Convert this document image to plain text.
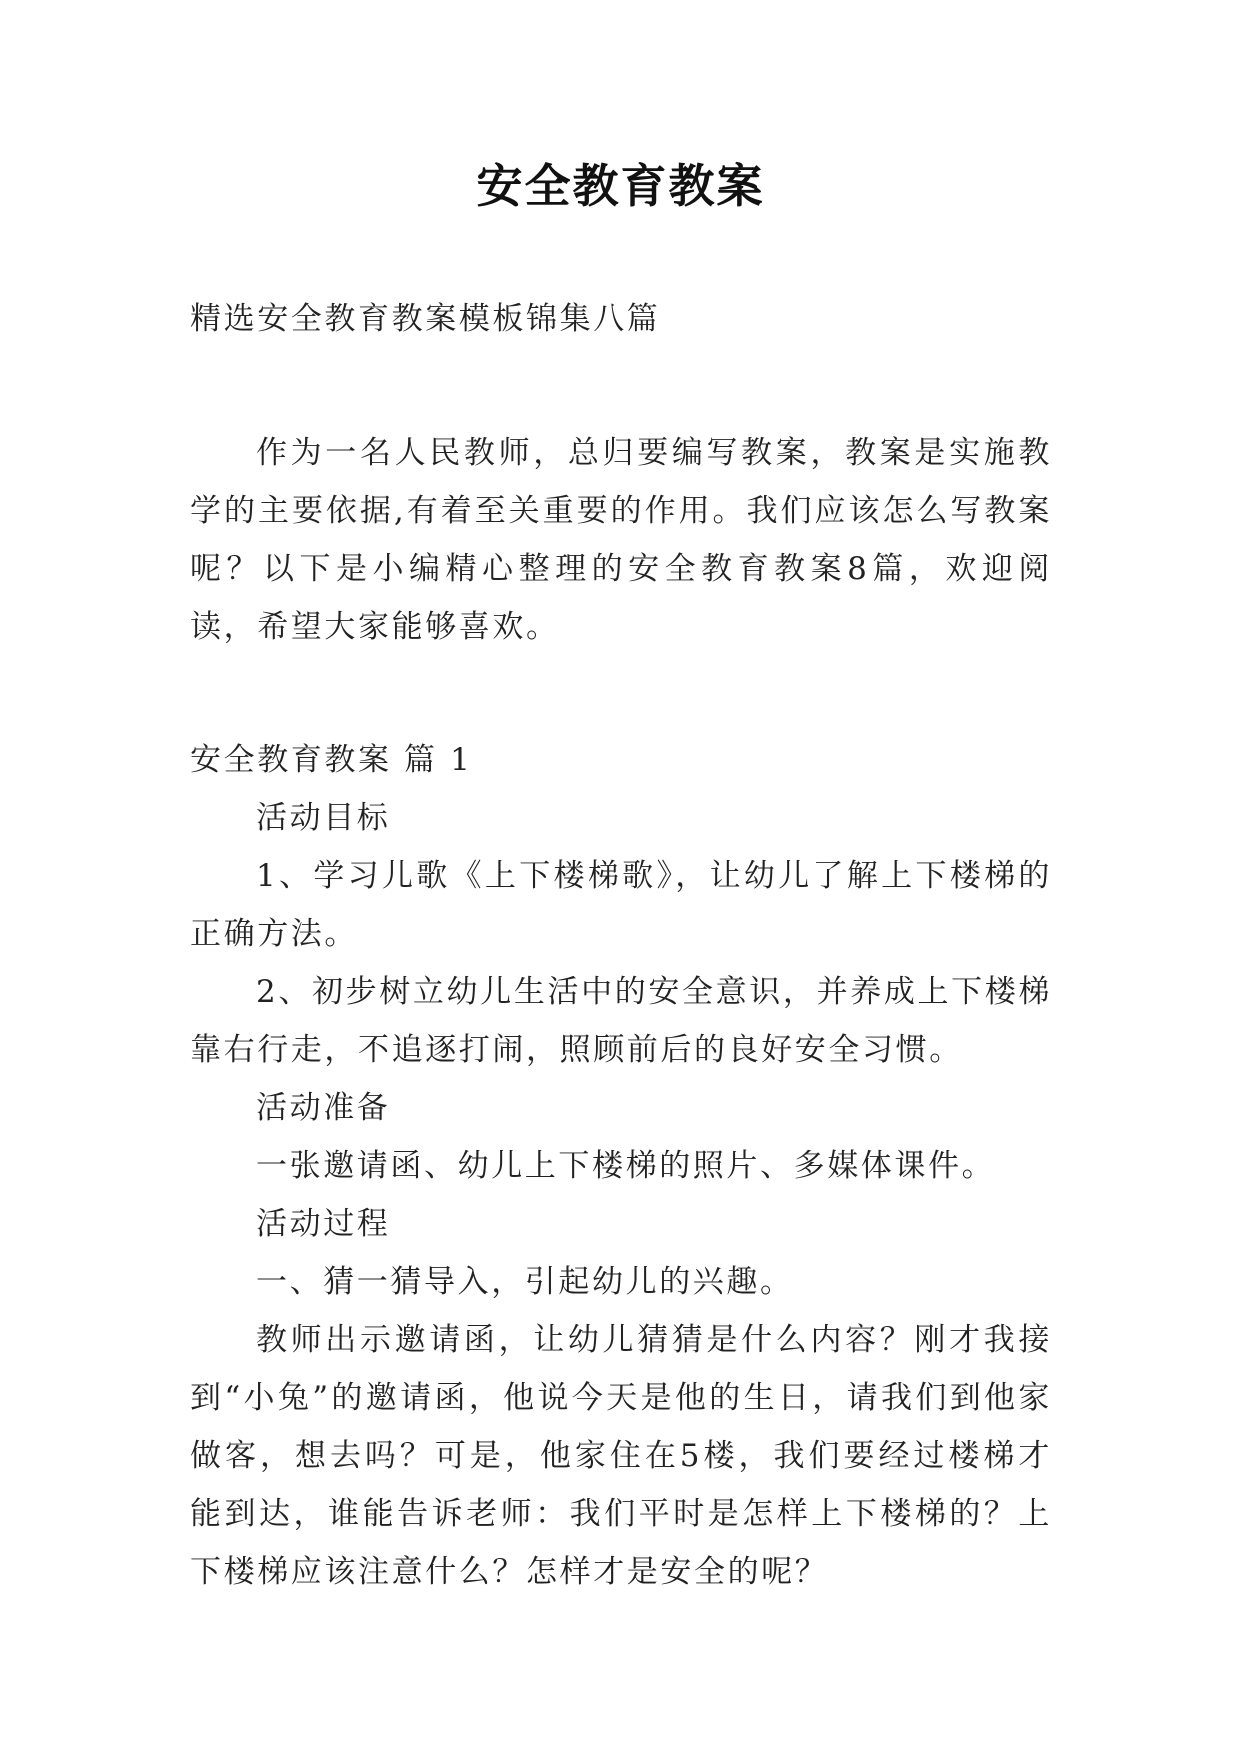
安全教育教案

精选安全教育教案模板锦集八篇

作为一名人民教师，总归要编写教案，教案是实施教学的主要依据,有着至关重要的作用。我们应该怎么写教案呢？以下是小编精心整理的安全教育教案8篇，欢迎阅读，希望大家能够喜欢。

安全教育教案 篇 1

活动目标

1、学习儿歌《上下楼梯歌》，让幼儿了解上下楼梯的正确方法。

2、初步树立幼儿生活中的安全意识，并养成上下楼梯靠右行走，不追逐打闹，照顾前后的良好安全习惯。

活动准备

一张邀请函、幼儿上下楼梯的照片、多媒体课件。

活动过程

一、猜一猜导入，引起幼儿的兴趣。

教师出示邀请函，让幼儿猜猜是什么内容？刚才我接到“小兔”的邀请函，他说今天是他的生日，请我们到他家做客，想去吗？可是，他家住在5楼，我们要经过楼梯才能到达，谁能告诉老师：我们平时是怎样上下楼梯的？上下楼梯应该注意什么？怎样才是安全的呢？
